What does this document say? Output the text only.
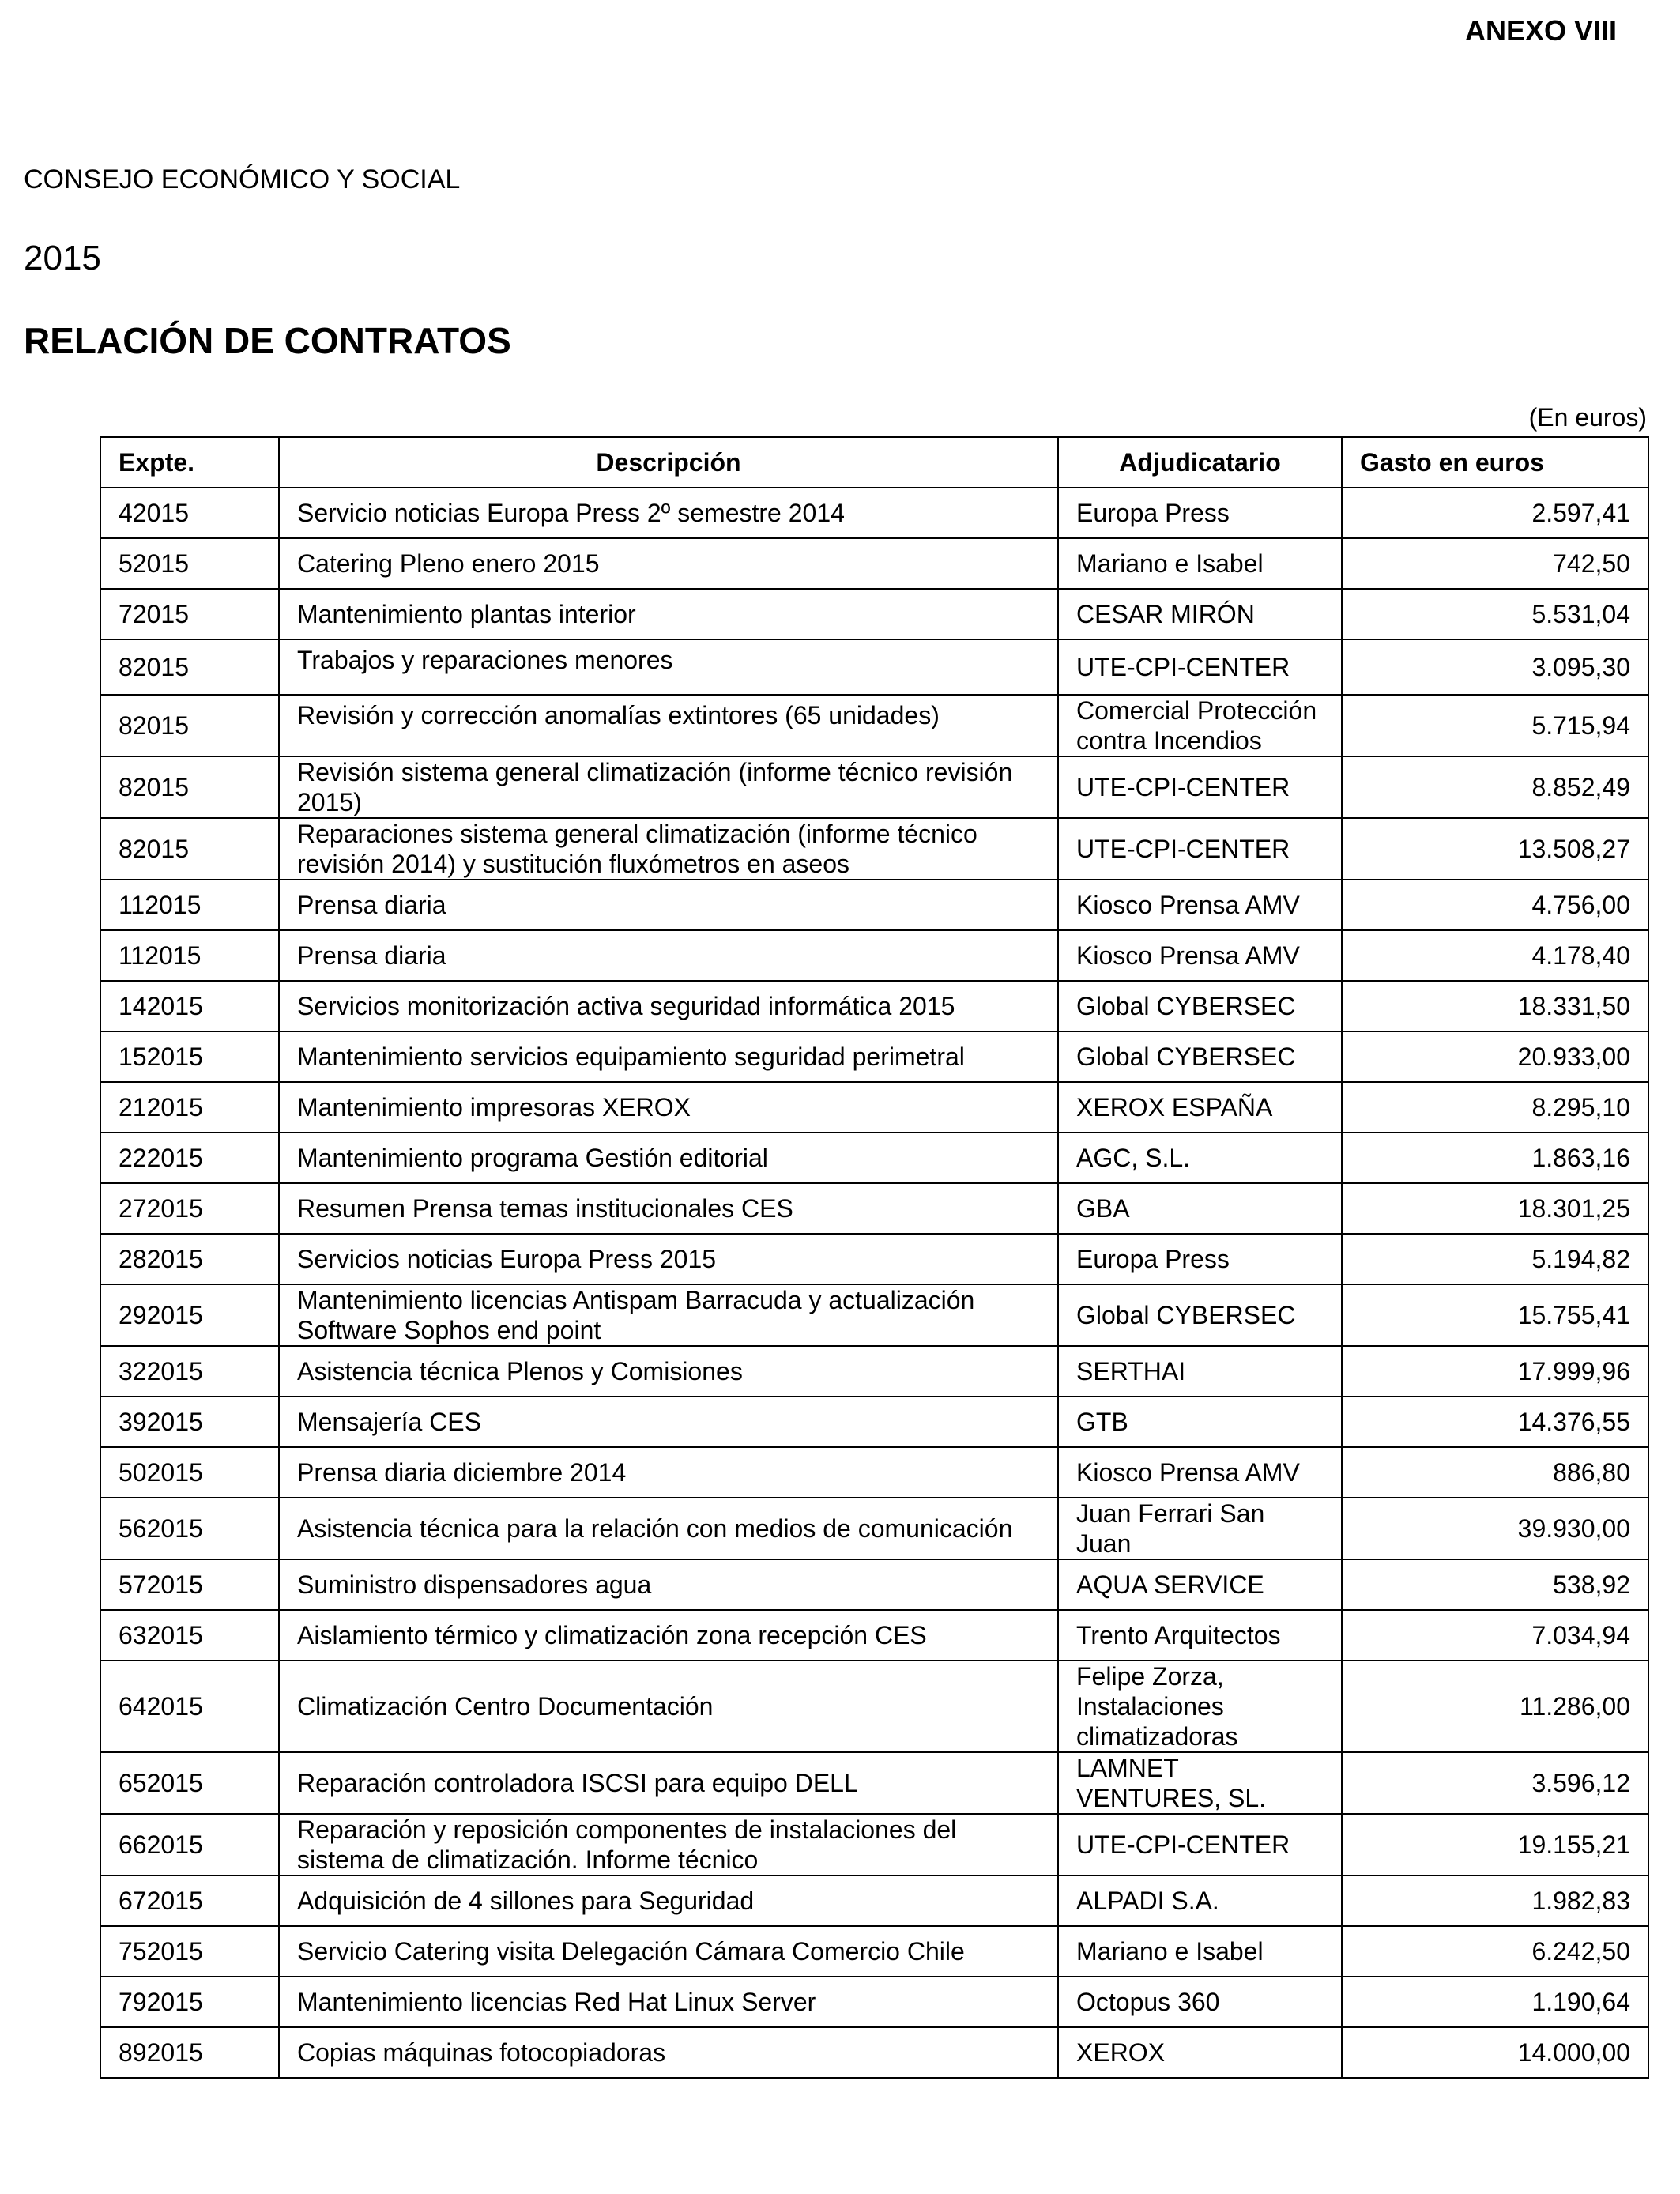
ANEXO VIII
CONSEJO ECONÓMICO Y SOCIAL
2015
RELACIÓN DE CONTRATOS
(En euros)
Expte.	Descripción	Adjudicatario	Gasto en euros
42015	Servicio noticias Europa Press 2º semestre 2014	Europa Press	2.597,41
52015	Catering Pleno enero 2015	Mariano e Isabel	742,50
72015	Mantenimiento plantas interior	CESAR MIRÓN	5.531,04
82015	Trabajos y reparaciones menores	UTE-CPI-CENTER	3.095,30
82015	Revisión y corrección anomalías extintores (65 unidades)	Comercial Protección contra Incendios	5.715,94
82015	Revisión sistema general climatización (informe técnico revisión 2015)	UTE-CPI-CENTER	8.852,49
82015	Reparaciones sistema general climatización (informe técnico revisión 2014) y sustitución fluxómetros en aseos	UTE-CPI-CENTER	13.508,27
112015	Prensa diaria	Kiosco Prensa AMV	4.756,00
112015	Prensa diaria	Kiosco Prensa AMV	4.178,40
142015	Servicios monitorización activa seguridad informática 2015	Global CYBERSEC	18.331,50
152015	Mantenimiento servicios equipamiento seguridad perimetral	Global CYBERSEC	20.933,00
212015	Mantenimiento impresoras XEROX	XEROX ESPAÑA	8.295,10
222015	Mantenimiento programa Gestión editorial	AGC, S.L.	1.863,16
272015	Resumen Prensa temas institucionales CES	GBA	18.301,25
282015	Servicios noticias Europa Press 2015	Europa Press	5.194,82
292015	Mantenimiento licencias Antispam Barracuda y actualización Software Sophos end point	Global CYBERSEC	15.755,41
322015	Asistencia técnica Plenos y Comisiones	SERTHAI	17.999,96
392015	Mensajería CES	GTB	14.376,55
502015	Prensa diaria diciembre 2014	Kiosco Prensa AMV	886,80
562015	Asistencia técnica para la relación con medios de comunicación	Juan Ferrari San Juan	39.930,00
572015	Suministro dispensadores agua	AQUA SERVICE	538,92
632015	Aislamiento térmico y climatización zona recepción CES	Trento Arquitectos	7.034,94
642015	Climatización Centro Documentación	Felipe Zorza, Instalaciones climatizadoras	11.286,00
652015	Reparación controladora ISCSI para equipo DELL	LAMNET VENTURES, SL.	3.596,12
662015	Reparación y reposición componentes de instalaciones del sistema de climatización. Informe técnico	UTE-CPI-CENTER	19.155,21
672015	Adquisición de 4 sillones para Seguridad	ALPADI S.A.	1.982,83
752015	Servicio Catering visita Delegación Cámara Comercio Chile	Mariano e Isabel	6.242,50
792015	Mantenimiento licencias Red Hat Linux Server	Octopus 360	1.190,64
892015	Copias máquinas fotocopiadoras	XEROX	14.000,00
